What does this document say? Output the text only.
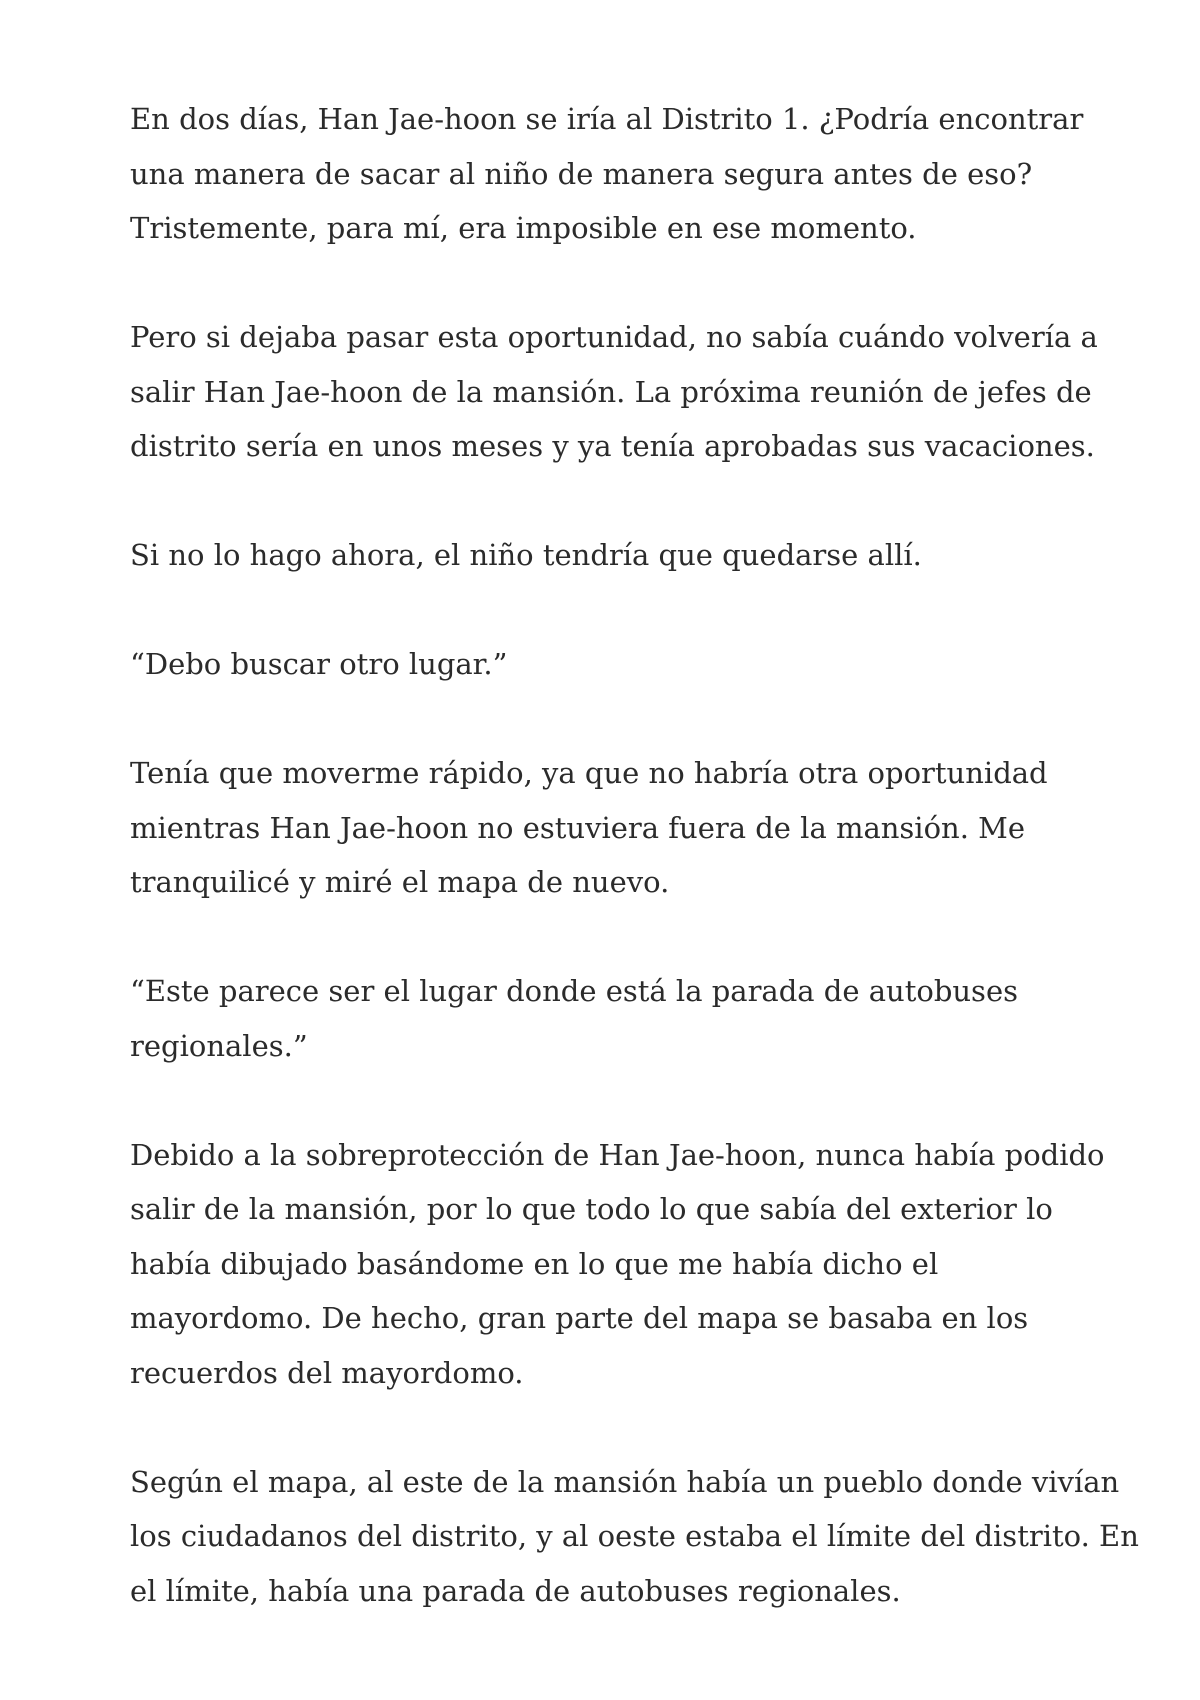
En dos días, Han Jae-hoon se iría al Distrito 1. ¿Podría encontrar
una manera de sacar al niño de manera segura antes de eso?
Tristemente, para mí, era imposible en ese momento.

Pero si dejaba pasar esta oportunidad, no sabía cuándo volvería a
salir Han Jae-hoon de la mansión. La próxima reunión de jefes de
distrito sería en unos meses y ya tenía aprobadas sus vacaciones.

Si no lo hago ahora, el niño tendría que quedarse allí.

“Debo buscar otro lugar.”

Tenía que moverme rápido, ya que no habría otra oportunidad
mientras Han Jae-hoon no estuviera fuera de la mansión. Me
tranquilicé y miré el mapa de nuevo.

“Este parece ser el lugar donde está la parada de autobuses
regionales.”

Debido a la sobreprotección de Han Jae-hoon, nunca había podido
salir de la mansión, por lo que todo lo que sabía del exterior lo
había dibujado basándome en lo que me había dicho el
mayordomo. De hecho, gran parte del mapa se basaba en los
recuerdos del mayordomo.

Según el mapa, al este de la mansión había un pueblo donde vivían
los ciudadanos del distrito, y al oeste estaba el límite del distrito. En
el límite, había una parada de autobuses regionales.
